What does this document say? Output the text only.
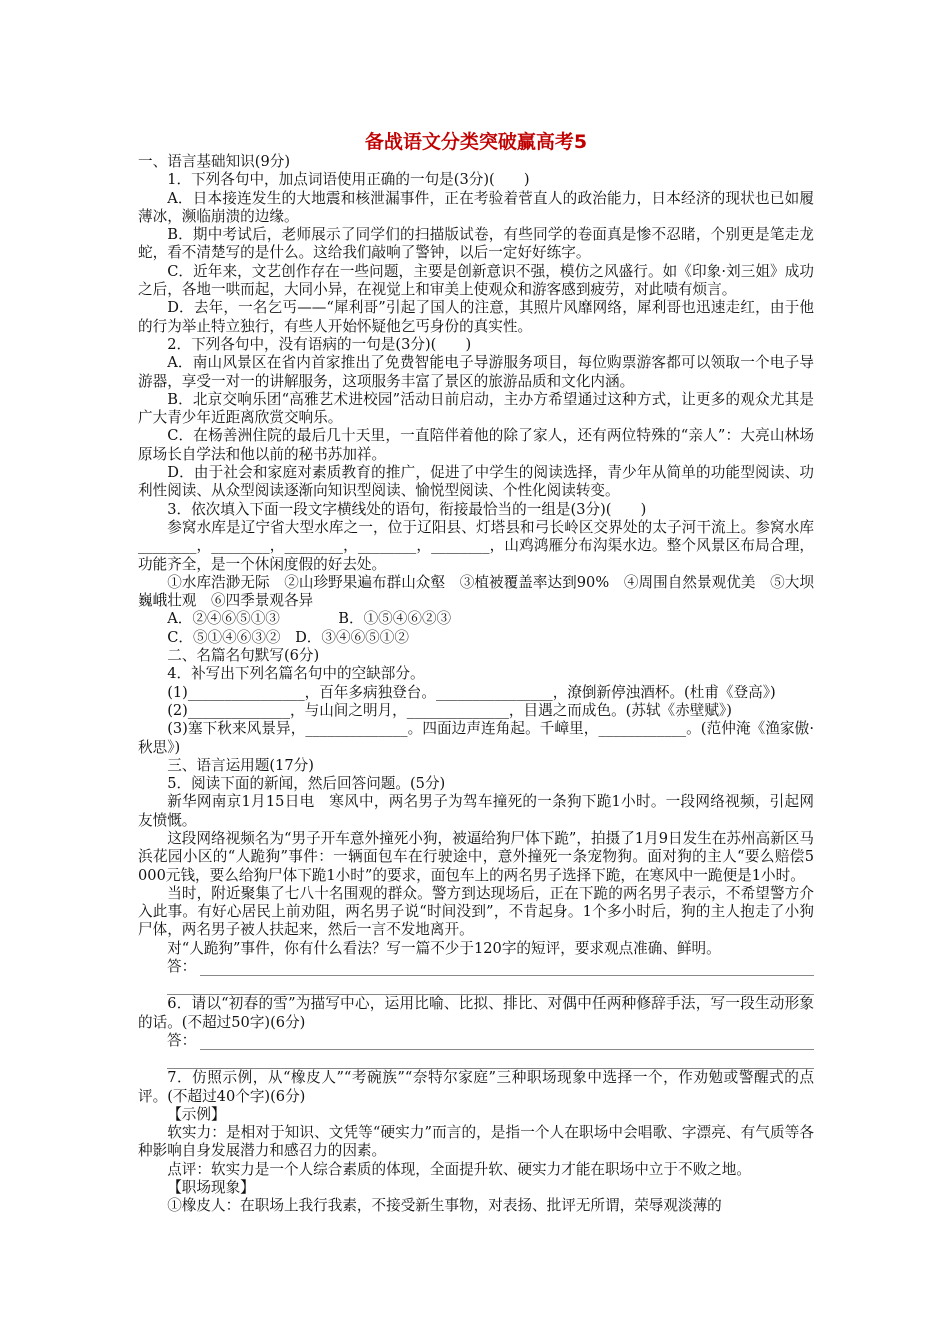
备战语文分类突破赢高考5

一、语言基础知识(9分)

1．下列各句中，加点词语使用正确的一句是(3分)(　　)

A．日本接连发生的大地震和核泄漏事件，正在考验着菅直人的政治能力，日本经济的现状也已如履薄冰，濒临崩溃的边缘。

B．期中考试后，老师展示了同学们的扫描版试卷，有些同学的卷面真是惨不忍睹，个别更是笔走龙蛇，看不清楚写的是什么。这给我们敲响了警钟，以后一定好好练字。

C．近年来，文艺创作存在一些问题，主要是创新意识不强，模仿之风盛行。如《印象·刘三姐》成功之后，各地一哄而起，大同小异，在视觉上和审美上使观众和游客感到疲劳，对此啧有烦言。

D．去年，一名乞丐——“犀利哥”引起了国人的注意，其照片风靡网络，犀利哥也迅速走红，由于他的行为举止特立独行，有些人开始怀疑他乞丐身份的真实性。

2．下列各句中，没有语病的一句是(3分)(　　)

A．南山风景区在省内首家推出了免费智能电子导游服务项目，每位购票游客都可以领取一个电子导游器，享受一对一的讲解服务，这项服务丰富了景区的旅游品质和文化内涵。

B．北京交响乐团“高雅艺术进校园”活动日前启动，主办方希望通过这种方式，让更多的观众尤其是广大青少年近距离欣赏交响乐。

C．在杨善洲住院的最后几十天里，一直陪伴着他的除了家人，还有两位特殊的“亲人”：大亮山林场原场长自学法和他以前的秘书苏加祥。

D．由于社会和家庭对素质教育的推广，促进了中学生的阅读选择，青少年从简单的功能型阅读、功利性阅读、从众型阅读逐渐向知识型阅读、愉悦型阅读、个性化阅读转变。

3．依次填入下面一段文字横线处的语句，衔接最恰当的一组是(3分)(　　)

参窝水库是辽宁省大型水库之一，位于辽阳县、灯塔县和弓长岭区交界处的太子河干流上。参窝水库________，________，________，________，________，山鸡鸿雁分布沟渠水边。整个风景区布局合理，功能齐全，是一个休闲度假的好去处。

①水库浩渺无际　②山珍野果遍布群山众壑　③植被覆盖率达到90%　④周围自然景观优美　⑤大坝巍峨壮观　⑥四季景观各异

A．②④⑥⑤①③　　　　B．①⑤④⑥②③

C．⑤①④⑥③②　D．③④⑥⑤①②

二、名篇名句默写(6分)

4．补写出下列名篇名句中的空缺部分。

(1)________________，百年多病独登台。________________，潦倒新停浊酒杯。(杜甫《登高》)

(2)______________，与山间之明月，______________，目遇之而成色。(苏轼《赤壁赋》)

(3)塞下秋来风景异，______________。四面边声连角起。千嶂里，____________。(范仲淹《渔家傲·秋思》)

三、语言运用题(17分)

5．阅读下面的新闻，然后回答问题。(5分)

新华网南京1月15日电　寒风中，两名男子为驾车撞死的一条狗下跪1小时。一段网络视频，引起网友愤慨。

这段网络视频名为“男子开车意外撞死小狗，被逼给狗尸体下跪”，拍摄了1月9日发生在苏州高新区马浜花园小区的“人跪狗”事件：一辆面包车在行驶途中，意外撞死一条宠物狗。面对狗的主人“要么赔偿5 000元钱，要么给狗尸体下跪1小时”的要求，面包车上的两名男子选择下跪，在寒风中一跪便是1小时。

当时，附近聚集了七八十名围观的群众。警方到达现场后，正在下跪的两名男子表示，不希望警方介入此事。有好心居民上前劝阻，两名男子说“时间没到”，不肯起身。1个多小时后，狗的主人抱走了小狗尸体，两名男子被人扶起来，然后一言不发地离开。

对“人跪狗”事件，你有什么看法？写一篇不少于120字的短评，要求观点准确、鲜明。

答：

6．请以“初春的雪”为描写中心，运用比喻、比拟、排比、对偶中任两种修辞手法，写一段生动形象的话。(不超过50字)(6分)

答：

7．仿照示例，从“橡皮人”“考碗族”“奈特尔家庭”三种职场现象中选择一个，作劝勉或警醒式的点评。(不超过40个字)(6分)

【示例】

软实力：是相对于知识、文凭等“硬实力”而言的，是指一个人在职场中会唱歌、字漂亮、有气质等各种影响自身发展潜力和感召力的因素。

点评：软实力是一个人综合素质的体现，全面提升软、硬实力才能在职场中立于不败之地。

【职场现象】

①橡皮人：在职场上我行我素，不接受新生事物，对表扬、批评无所谓，荣辱观淡薄的
